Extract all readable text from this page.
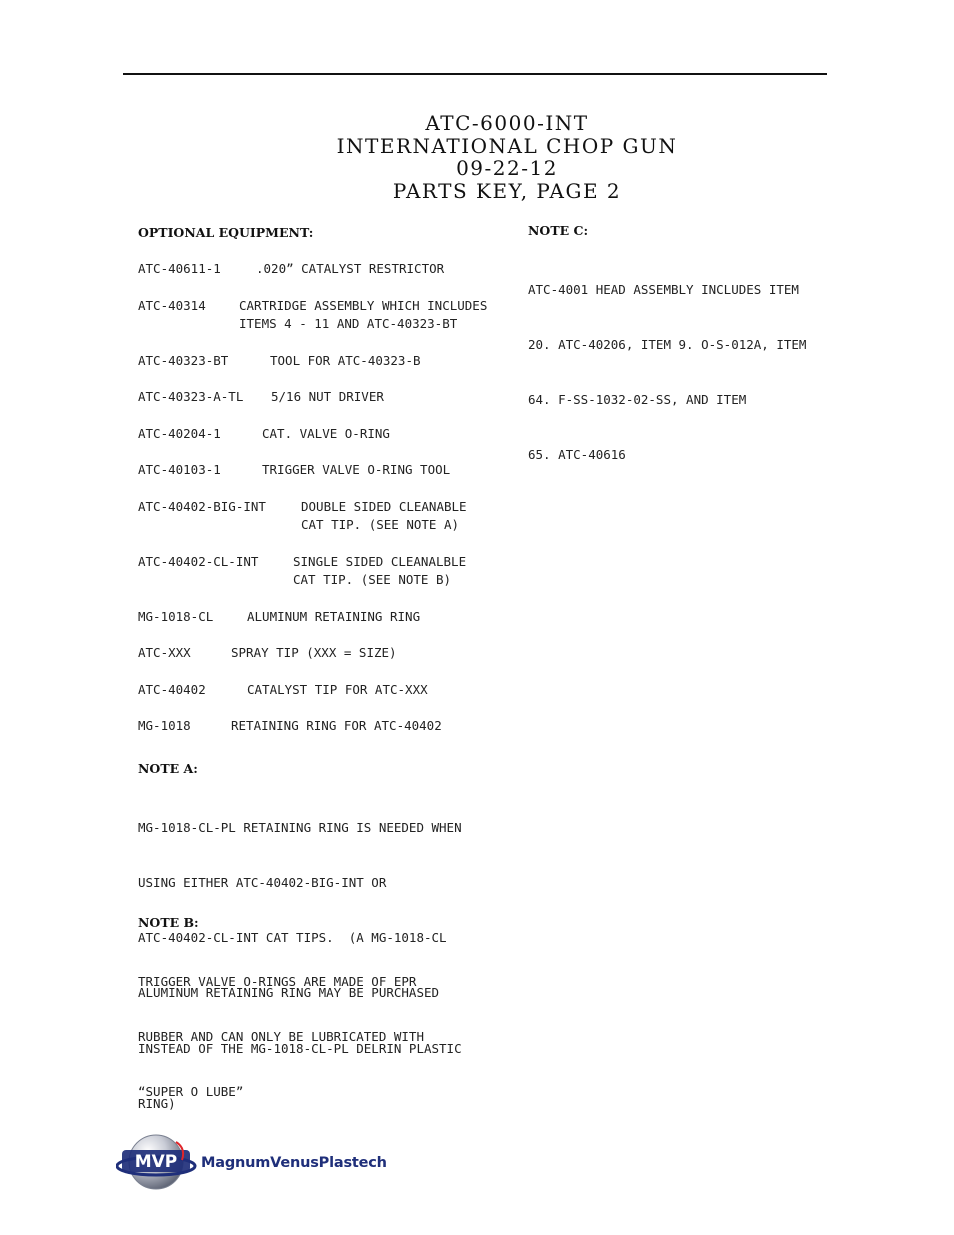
ATC-6000-INT
INTERNATIONAL CHOP GUN
09-22-12
PARTS KEY, PAGE 2
OPTIONAL EQUIPMENT:
ATC-40611-1	.020” CATALYST RESTRICTOR
ATC-40314	CARTRIDGE ASSEMBLY WHICH INCLUDES
ITEMS 4 - 11 AND ATC-40323-BT
ATC-40323-BT	TOOL FOR ATC-40323-B
ATC-40323-A-TL 5/16 NUT DRIVER
ATC-40204-1	CAT. VALVE O-RING
ATC-40103-1	TRIGGER VALVE O-RING TOOL
ATC-40402-BIG-INT	DOUBLE SIDED CLEANABLE
CAT TIP. (SEE NOTE A)
ATC-40402-CL-INT	SINGLE SIDED CLEANALBLE
CAT TIP. (SEE NOTE B)
MG-1018-CL	ALUMINUM RETAINING RING
ATC-XXX	SPRAY TIP (XXX = SIZE)
ATC-40402	CATALYST TIP FOR ATC-XXX
MG-1018	RETAINING RING FOR ATC-40402
NOTE A:

MG-1018-CL-PL RETAINING RING IS NEEDED WHEN

USING EITHER ATC-40402-BIG-INT OR

ATC-40402-CL-INT CAT TIPS.  (A MG-1018-CL

ALUMINUM RETAINING RING MAY BE PURCHASED

INSTEAD OF THE MG-1018-CL-PL DELRIN PLASTIC

RING)

NOTE B:

TRIGGER VALVE O-RINGS ARE MADE OF EPR

RUBBER AND CAN ONLY BE LUBRICATED WITH

“SUPER O LUBE”

NOTE C:

ATC-4001 HEAD ASSEMBLY INCLUDES ITEM

20. ATC-40206, ITEM 9. O-S-012A, ITEM

64. F-SS-1032-02-SS, AND ITEM

65. ATC-40616

MVP MagnumVenusPlastech
